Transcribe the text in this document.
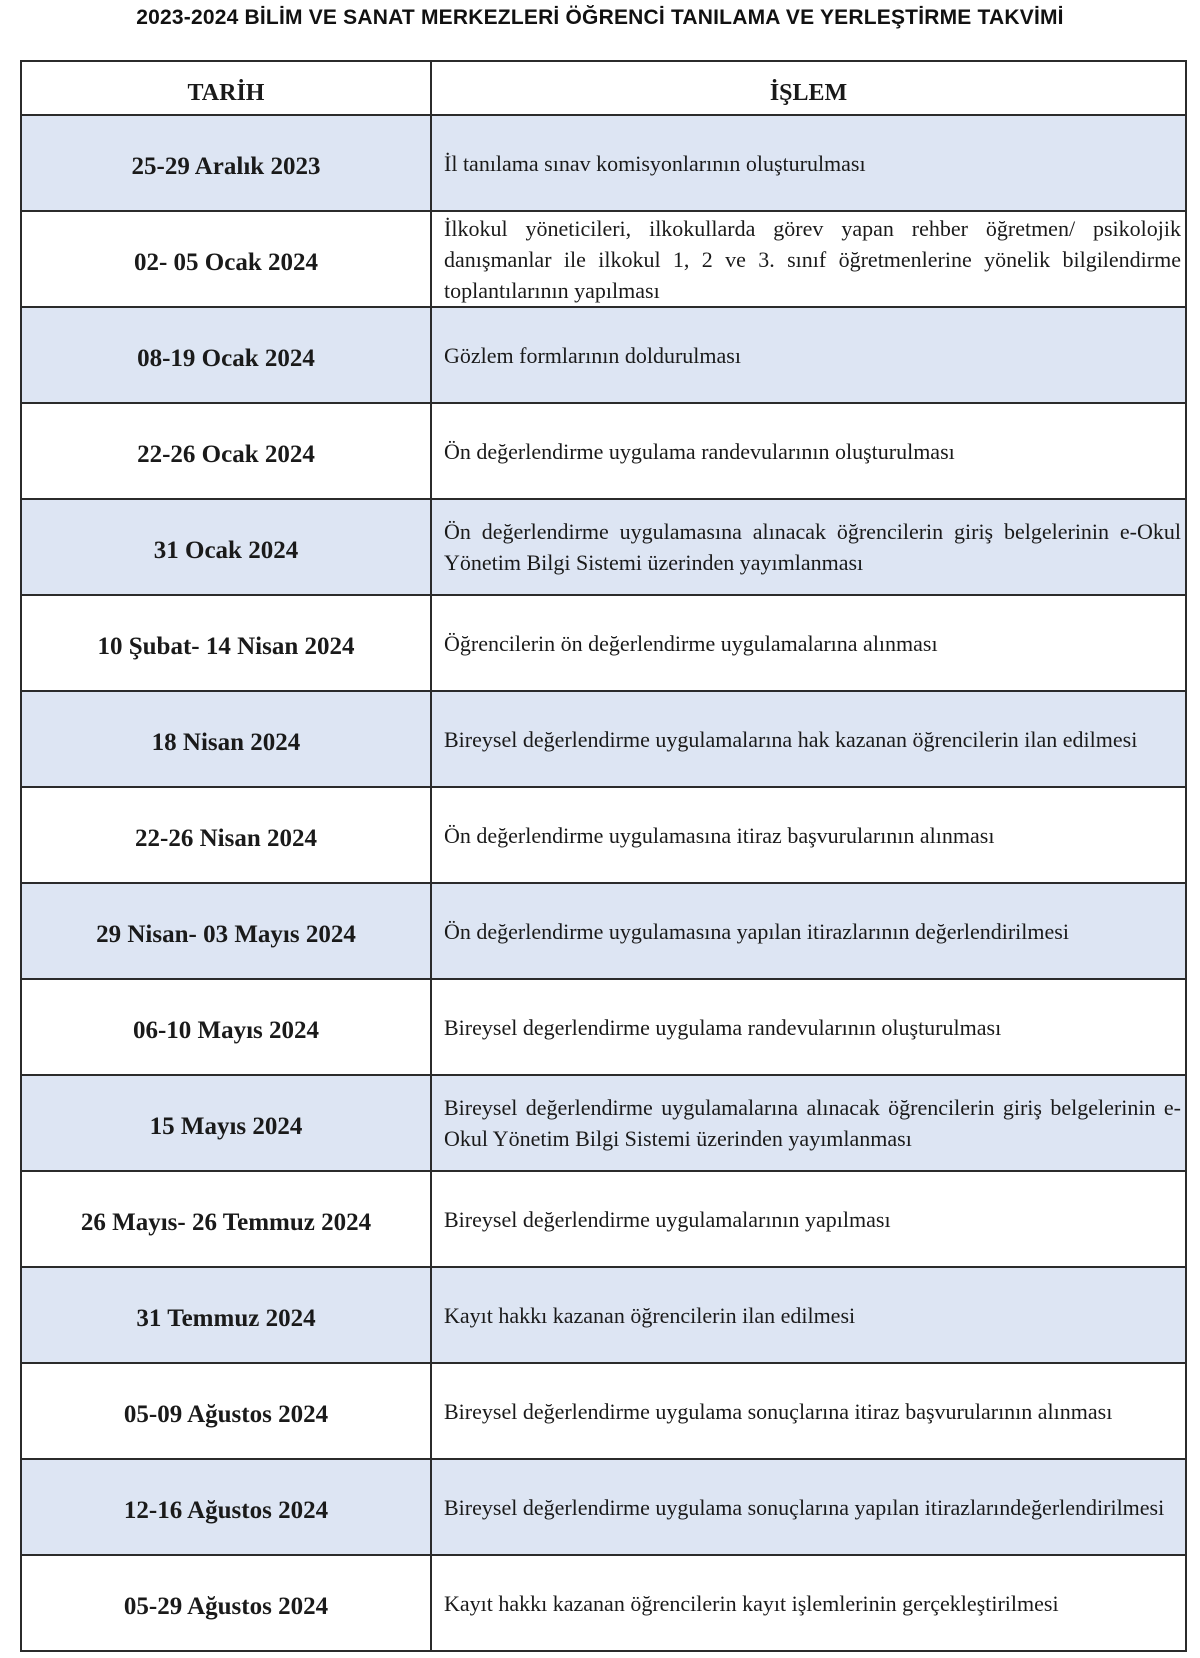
2023-2024 BİLİM VE SANAT MERKEZLERİ ÖĞRENCİ TANILAMA VE YERLEŞTİRME TAKVİMİ
TARİH	İŞLEM
25-29 Aralık 2023	İl tanılama sınav komisyonlarının oluşturulması
02- 05 Ocak 2024	İlkokul yöneticileri, ilkokullarda görev yapan rehber öğretmen/ psikolojik danışmanlar ile ilkokul 1, 2 ve 3. sınıf öğretmenlerine yönelik bilgilendirme toplantılarının yapılması
08-19 Ocak 2024	Gözlem formlarının doldurulması
22-26 Ocak 2024	Ön değerlendirme uygulama randevularının oluşturulması
31 Ocak 2024	Ön değerlendirme uygulamasına alınacak öğrencilerin giriş belgelerinin e-Okul Yönetim Bilgi Sistemi üzerinden yayımlanması
10 Şubat- 14 Nisan 2024	Öğrencilerin ön değerlendirme uygulamalarına alınması
18 Nisan 2024	Bireysel değerlendirme uygulamalarına hak kazanan öğrencilerin ilan edilmesi
22-26 Nisan 2024	Ön değerlendirme uygulamasına itiraz başvurularının alınması
29 Nisan- 03 Mayıs 2024	Ön değerlendirme uygulamasına yapılan itirazlarının değerlendirilmesi
06-10 Mayıs 2024	Bireysel degerlendirme uygulama randevularının oluşturulması
15 Mayıs 2024	Bireysel değerlendirme uygulamalarına alınacak öğrencilerin giriş belgelerinin e-Okul Yönetim Bilgi Sistemi üzerinden yayımlanması
26 Mayıs- 26 Temmuz 2024	Bireysel değerlendirme uygulamalarının yapılması
31 Temmuz 2024	Kayıt hakkı kazanan öğrencilerin ilan edilmesi
05-09 Ağustos 2024	Bireysel değerlendirme uygulama sonuçlarına itiraz başvurularının alınması
12-16 Ağustos 2024	Bireysel değerlendirme uygulama sonuçlarına yapılan itirazlarındeğerlendirilmesi
05-29 Ağustos 2024	Kayıt hakkı kazanan öğrencilerin kayıt işlemlerinin gerçekleştirilmesi
